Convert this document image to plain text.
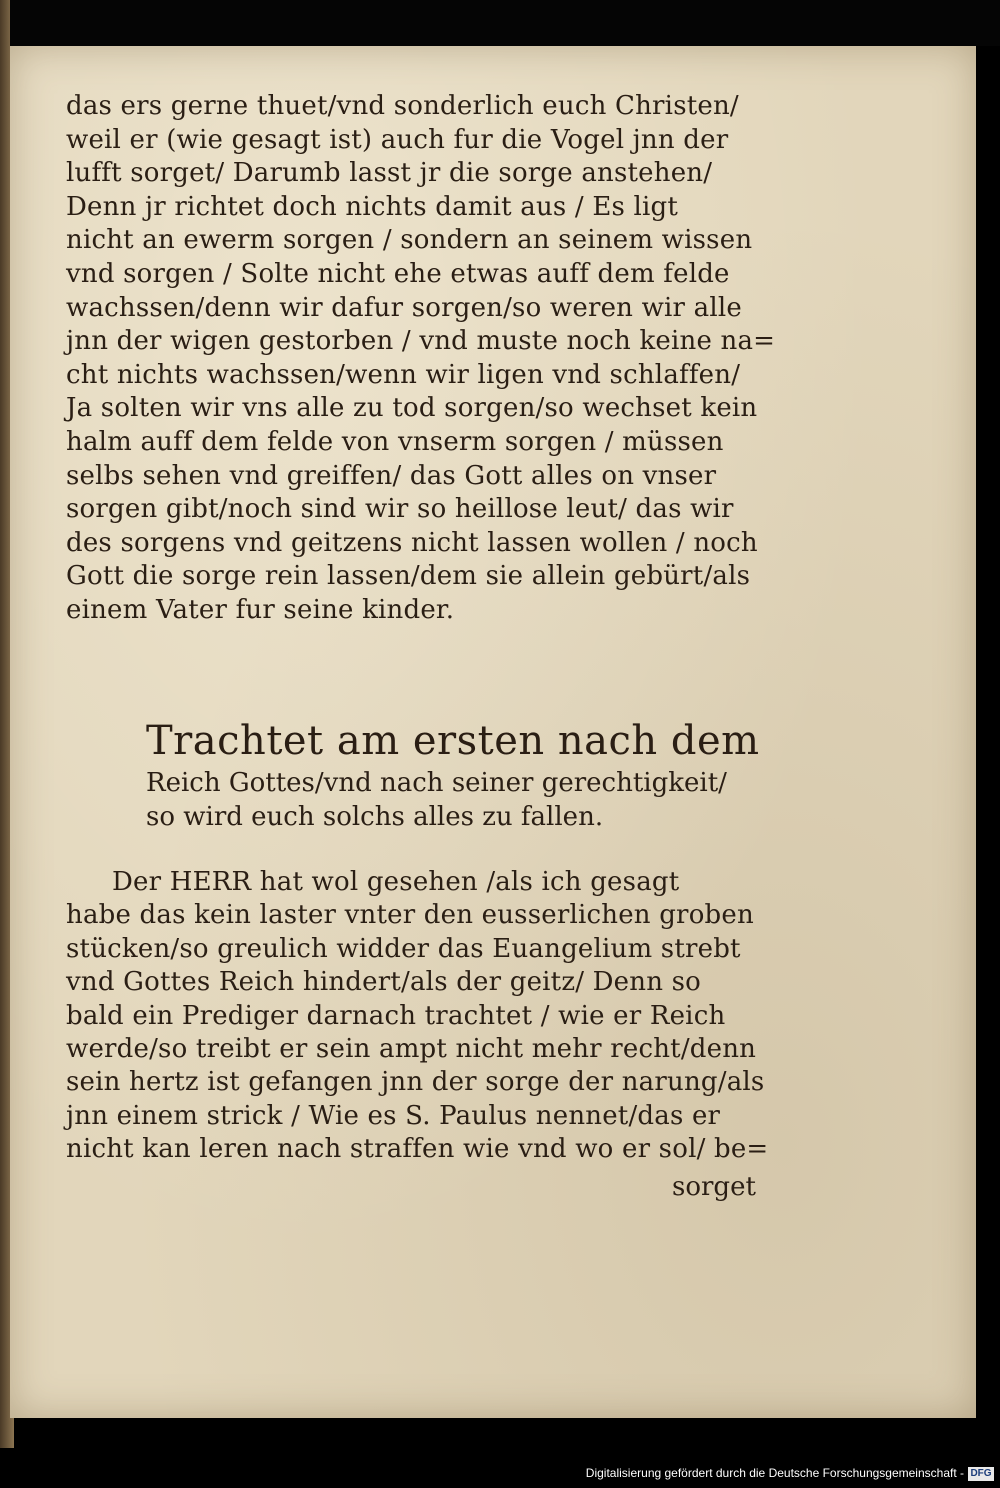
das ers gerne thuet/vnd sonderlich euch Christen/
weil er (wie gesagt ist) auch fur die Vogel jnn der
lufft sorget/ Darumb lasst jr die sorge anstehen/
Denn jr richtet doch nichts damit aus / Es ligt
nicht an ewerm sorgen / sondern an seinem wissen
vnd sorgen / Solte nicht ehe etwas auff dem felde
wachssen/denn wir dafur sorgen/so weren wir alle
jnn der wigen gestorben / vnd muste noch keine na=
cht nichts wachssen/wenn wir ligen vnd schlaffen/
Ja solten wir vns alle zu tod sorgen/so wechset kein
halm auff dem felde von vnserm sorgen / müssen
selbs sehen vnd greiffen/ das Gott alles on vnser
sorgen gibt/noch sind wir so heillose leut/ das wir
des sorgens vnd geitzens nicht lassen wollen / noch
Gott die sorge rein lassen/dem sie allein gebürt/als
einem Vater fur seine kinder.
Trachtet am ersten nach dem
Reich Gottes/vnd nach seiner gerechtigkeit/
so wird euch solchs alles zu fallen.
Der HERR hat wol gesehen /als ich gesagt
habe das kein laster vnter den eusserlichen groben
stücken/so greulich widder das Euangelium strebt
vnd Gottes Reich hindert/als der geitz/ Denn so
bald ein Prediger darnach trachtet / wie er Reich
werde/so treibt er sein ampt nicht mehr recht/denn
sein hertz ist gefangen jnn der sorge der narung/als
jnn einem strick / Wie es S. Paulus nennet/das er
nicht kan leren nach straffen wie vnd wo er sol/ be=
sorget
Digitalisierung gefördert durch die Deutsche Forschungsgemeinschaft - DFG
